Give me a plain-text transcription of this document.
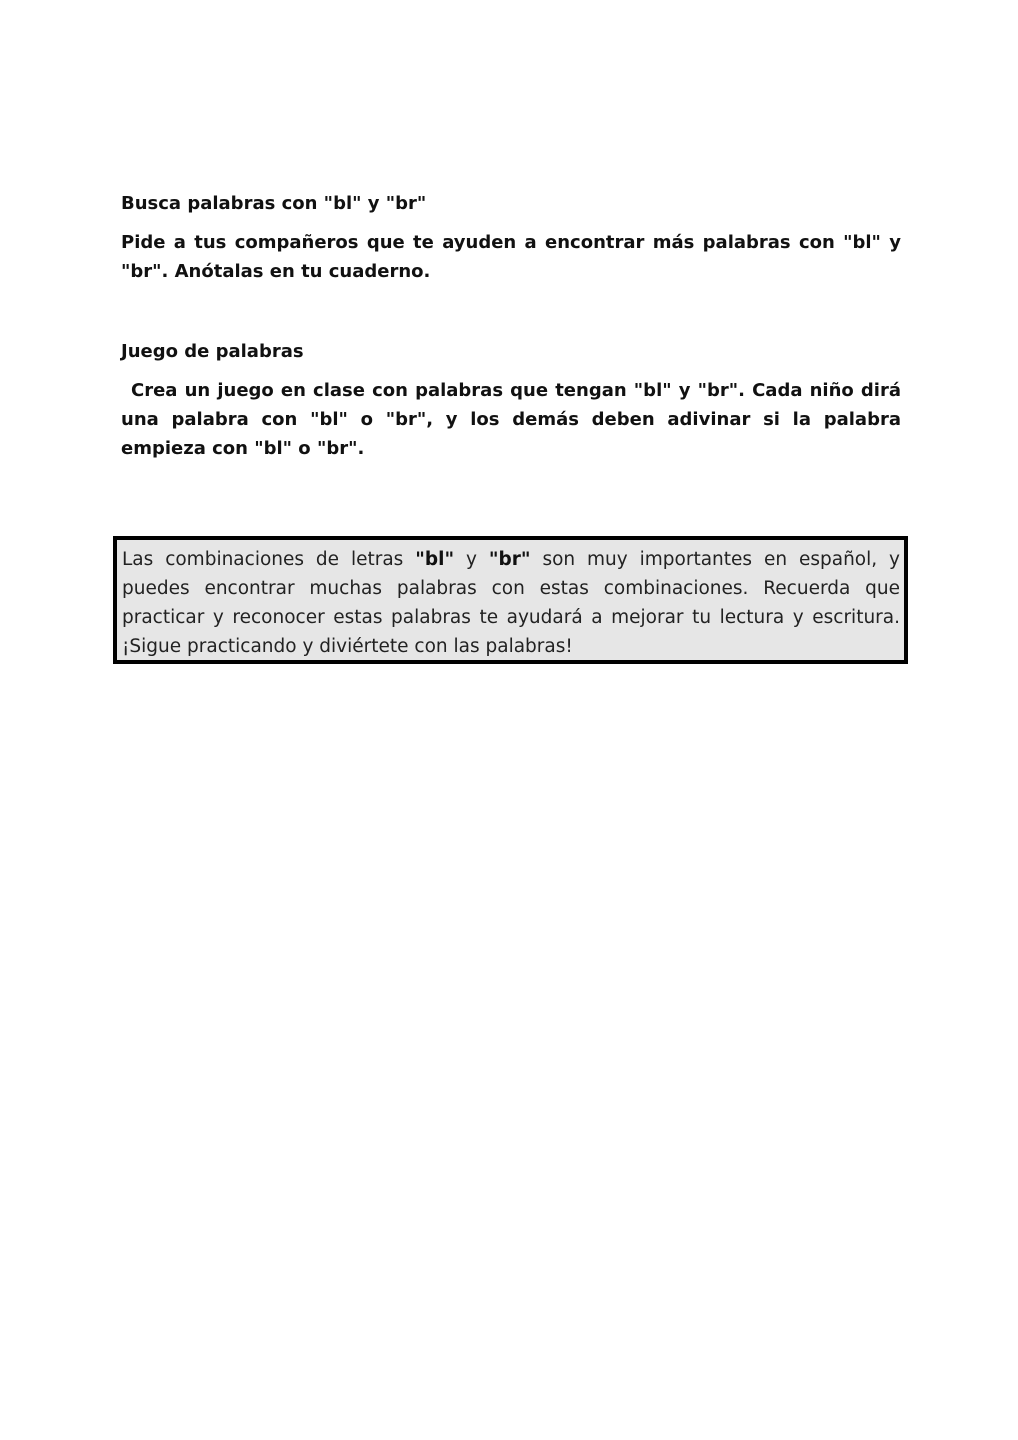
Busca palabras con "bl" y "br"

Pide a tus compañeros que te ayuden a encontrar más palabras con "bl" y "br". Anótalas en tu cuaderno.

Juego de palabras

Crea un juego en clase con palabras que tengan "bl" y "br". Cada niño dirá una palabra con "bl" o "br", y los demás deben adivinar si la palabra empieza con "bl" o "br".

Las combinaciones de letras "bl" y "br" son muy importantes en español, y puedes encontrar muchas palabras con estas combinaciones. Recuerda que practicar y reconocer estas palabras te ayudará a mejorar tu lectura y escritura. ¡Sigue practicando y diviértete con las palabras!
